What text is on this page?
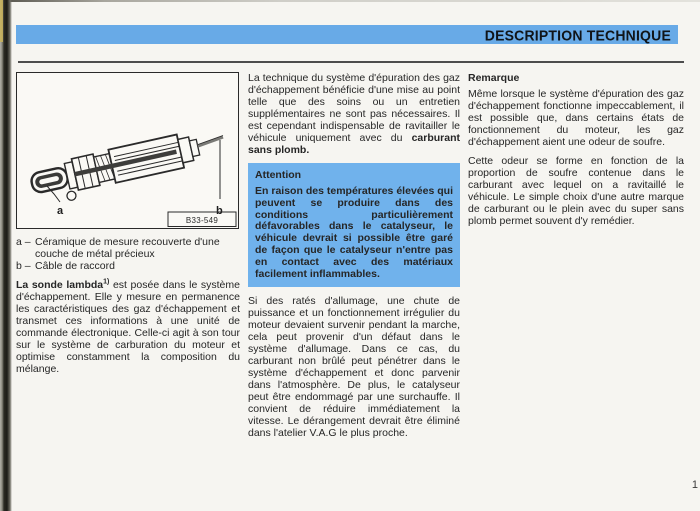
DESCRIPTION TECHNIQUE
a	b
B33-549
a – Céramique de mesure recouverte d'une couche de métal précieux
b – Câble de raccord

La sonde lambda$^{1)}$ est posée dans le système d'échappement. Elle y mesure en permanence les caractéristiques des gaz d'échappement et transmet ces informations à une unité de commande électronique. Celle-ci agit à son tour sur le système de carburation du moteur et optimise constamment la composition du mélange.

La technique du système d'épuration des gaz d'échappement bénéficie d'une mise au point telle que des soins ou un entretien supplémentaires ne sont pas nécessaires. Il est cependant indispensable de ravitailler le véhicule uniquement avec du carburant sans plomb.

Attention

En raison des températures élevées qui peuvent se produire dans des conditions particulièrement défavorables dans le catalyseur, le véhicule devrait si possible être garé de façon que le catalyseur n'entre pas en contact avec des matériaux facilement inflammables.

Si des ratés d'allumage, une chute de puissance et un fonctionnement irrégulier du moteur devaient survenir pendant la marche, cela peut provenir d'un défaut dans le système d'allumage. Dans ce cas, du carburant non brûlé peut pénétrer dans le système d'échappement et donc parvenir dans l'atmosphère. De plus, le catalyseur peut être endommagé par une surchauffe. Il convient de réduire immédiatement la vitesse. Le dérangement devrait être éliminé dans l'atelier V.A.G le plus proche.

Remarque

Même lorsque le système d'épuration des gaz d'échappement fonctionne impeccablement, il est possible que, dans certains états de fonctionnement du moteur, les gaz d'échappement aient une odeur de soufre.

Cette odeur se forme en fonction de la proportion de soufre contenue dans le carburant avec lequel on a ravitaillé le véhicule. Le simple choix d'une autre marque de carburant ou le plein avec du super sans plomb permet souvent d'y remédier.

1
